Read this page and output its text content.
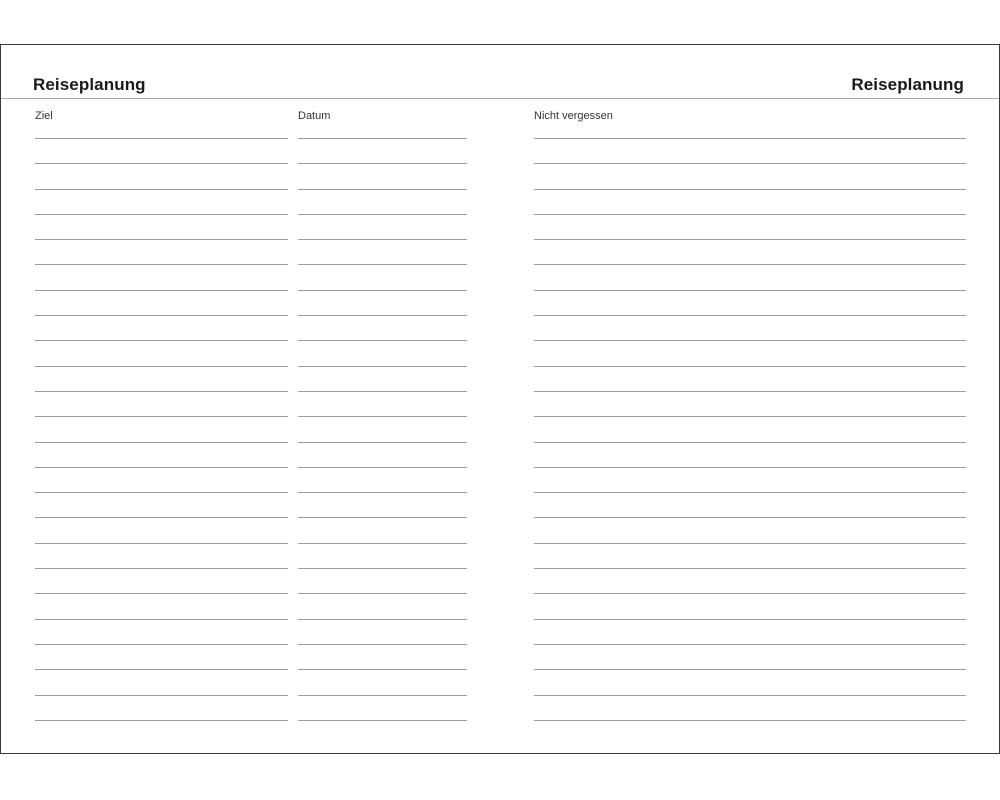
Reiseplanung	Reiseplanung
Ziel	Datum	Nicht vergessen
